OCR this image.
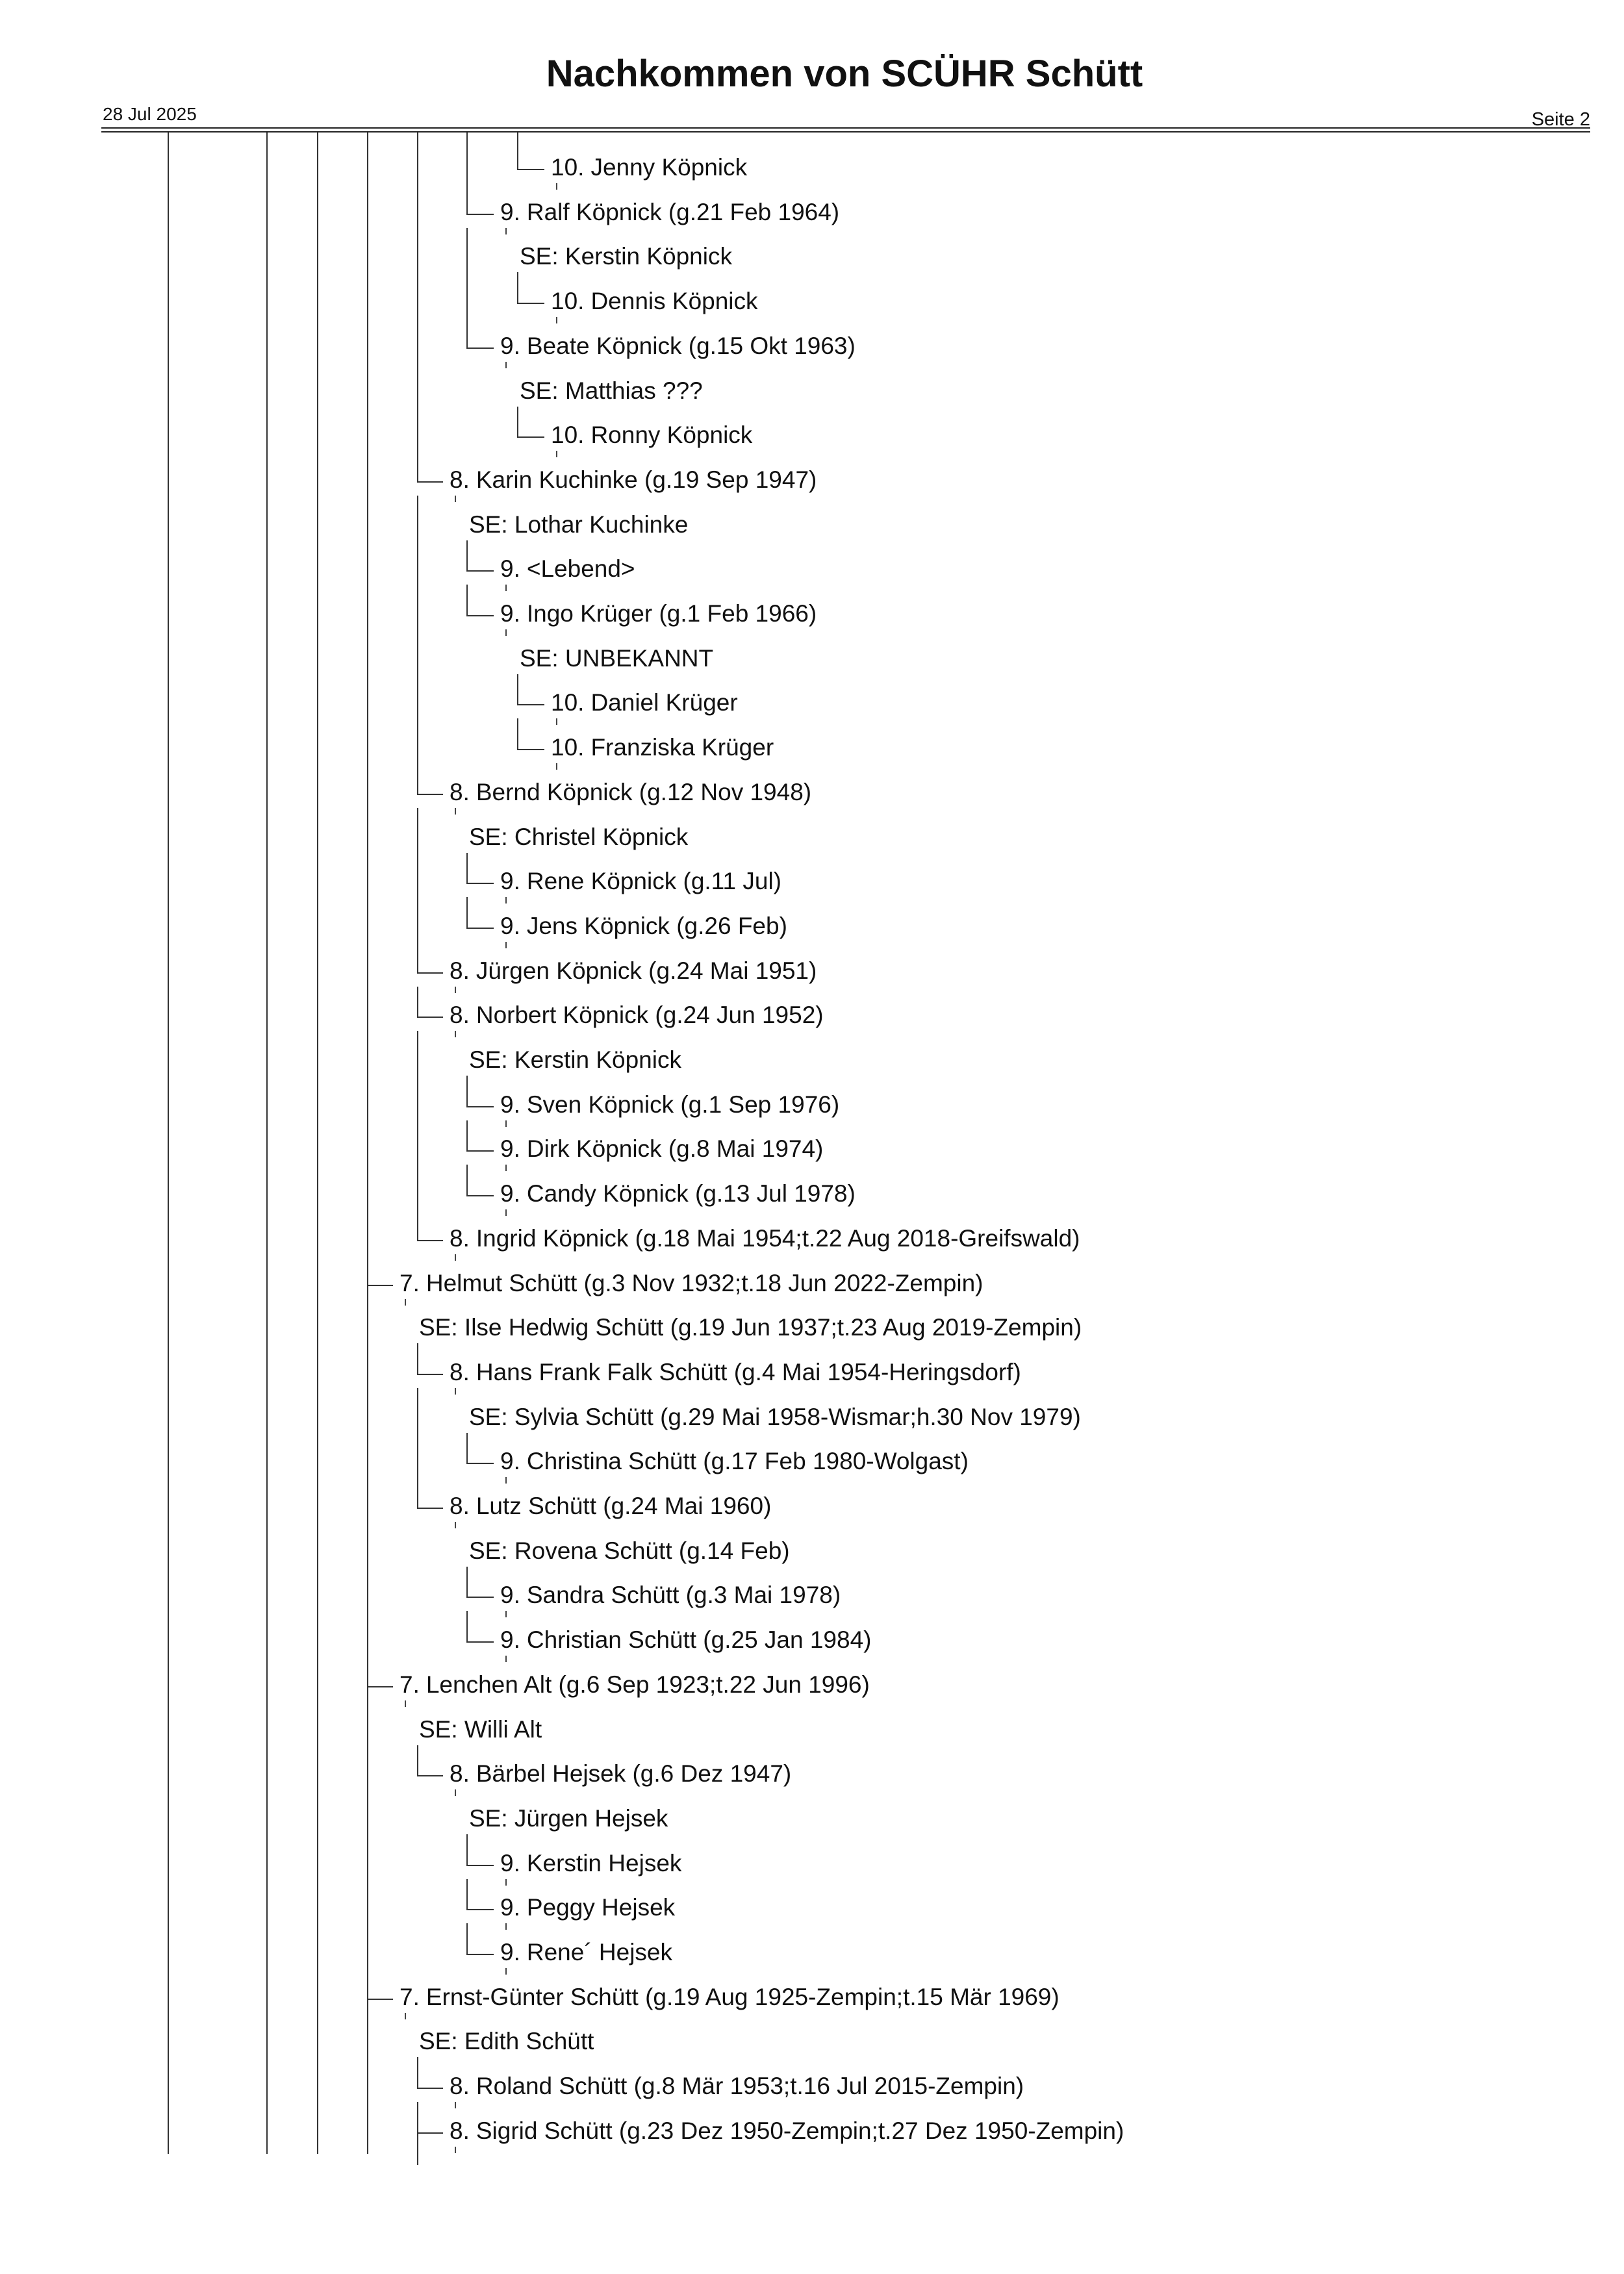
Nachkommen von SCÜHR Schütt
28 Jul 2025	Seite 2
10. Jenny Köpnick
9. Ralf Köpnick (g.21 Feb 1964)
SE: Kerstin Köpnick
10. Dennis Köpnick
9. Beate Köpnick (g.15 Okt 1963)
SE: Matthias ???
10. Ronny Köpnick
8. Karin Kuchinke (g.19 Sep 1947)
SE: Lothar Kuchinke
9. <Lebend>
9. Ingo Krüger (g.1 Feb 1966)
SE: UNBEKANNT
10. Daniel Krüger
10. Franziska Krüger
8. Bernd Köpnick (g.12 Nov 1948)
SE: Christel Köpnick
9. Rene Köpnick (g.11 Jul)
9. Jens Köpnick (g.26 Feb)
8. Jürgen Köpnick (g.24 Mai 1951)
8. Norbert Köpnick (g.24 Jun 1952)
SE: Kerstin Köpnick
9. Sven Köpnick (g.1 Sep 1976)
9. Dirk Köpnick (g.8 Mai 1974)
9. Candy Köpnick (g.13 Jul 1978)
8. Ingrid Köpnick (g.18 Mai 1954;t.22 Aug 2018-Greifswald)
7. Helmut Schütt (g.3 Nov 1932;t.18 Jun 2022-Zempin)
SE: Ilse Hedwig Schütt (g.19 Jun 1937;t.23 Aug 2019-Zempin)
8. Hans Frank Falk Schütt (g.4 Mai 1954-Heringsdorf)
SE: Sylvia Schütt (g.29 Mai 1958-Wismar;h.30 Nov 1979)
9. Christina Schütt (g.17 Feb 1980-Wolgast)
8. Lutz Schütt (g.24 Mai 1960)
SE: Rovena Schütt (g.14 Feb)
9. Sandra Schütt (g.3 Mai 1978)
9. Christian Schütt (g.25 Jan 1984)
7. Lenchen Alt (g.6 Sep 1923;t.22 Jun 1996)
SE: Willi Alt
8. Bärbel Hejsek (g.6 Dez 1947)
SE: Jürgen Hejsek
9. Kerstin Hejsek
9. Peggy Hejsek
9. Rene´ Hejsek
7. Ernst-Günter Schütt (g.19 Aug 1925-Zempin;t.15 Mär 1969)
SE: Edith Schütt
8. Roland Schütt (g.8 Mär 1953;t.16 Jul 2015-Zempin)
8. Sigrid Schütt (g.23 Dez 1950-Zempin;t.27 Dez 1950-Zempin)
